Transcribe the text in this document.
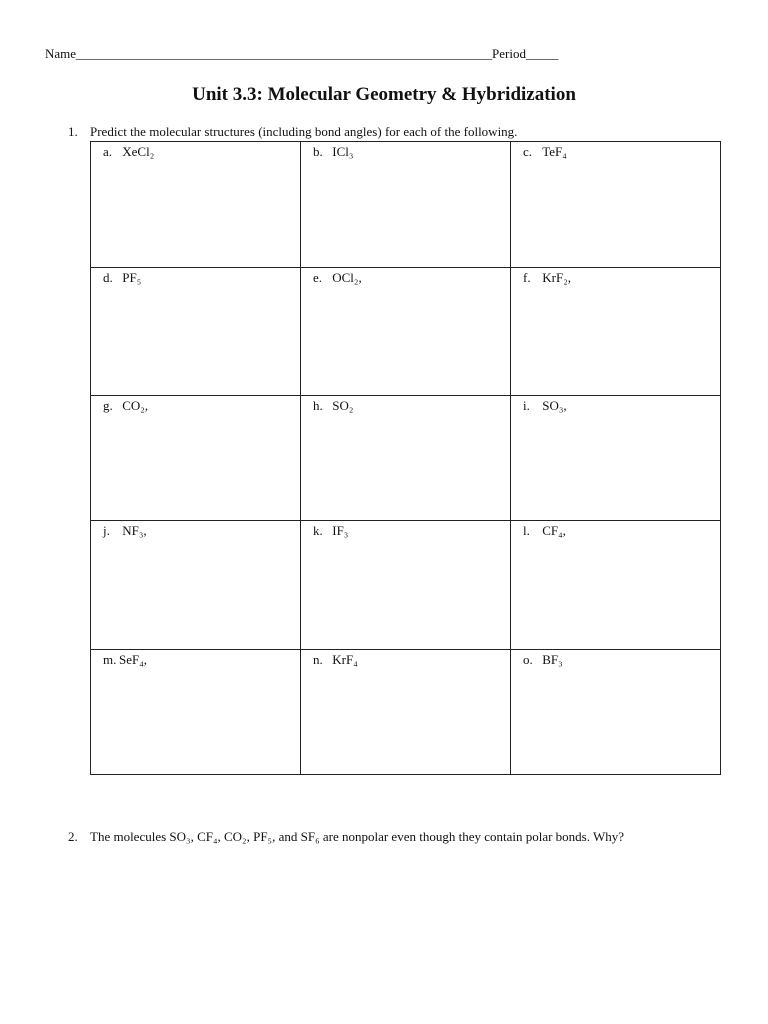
Name________________________________________________________________Period_____
Unit 3.3: Molecular Geometry & Hybridization
1. Predict the molecular structures (including bond angles) for each of the following.
a. XeCl₂	b. ICl₃	c. TeF₄
d. PF₅	e. OCl₂,	f. KrF₂,
g. CO₂,	h. SO₂	i. SO₃,
j. NF₃,	k. IF₃	l. CF₄,
m. SeF₄,	n. KrF₄	o. BF₃
2. The molecules SO₃, CF₄, CO₂, PF₅, and SF₆ are nonpolar even though they contain polar bonds. Why?
